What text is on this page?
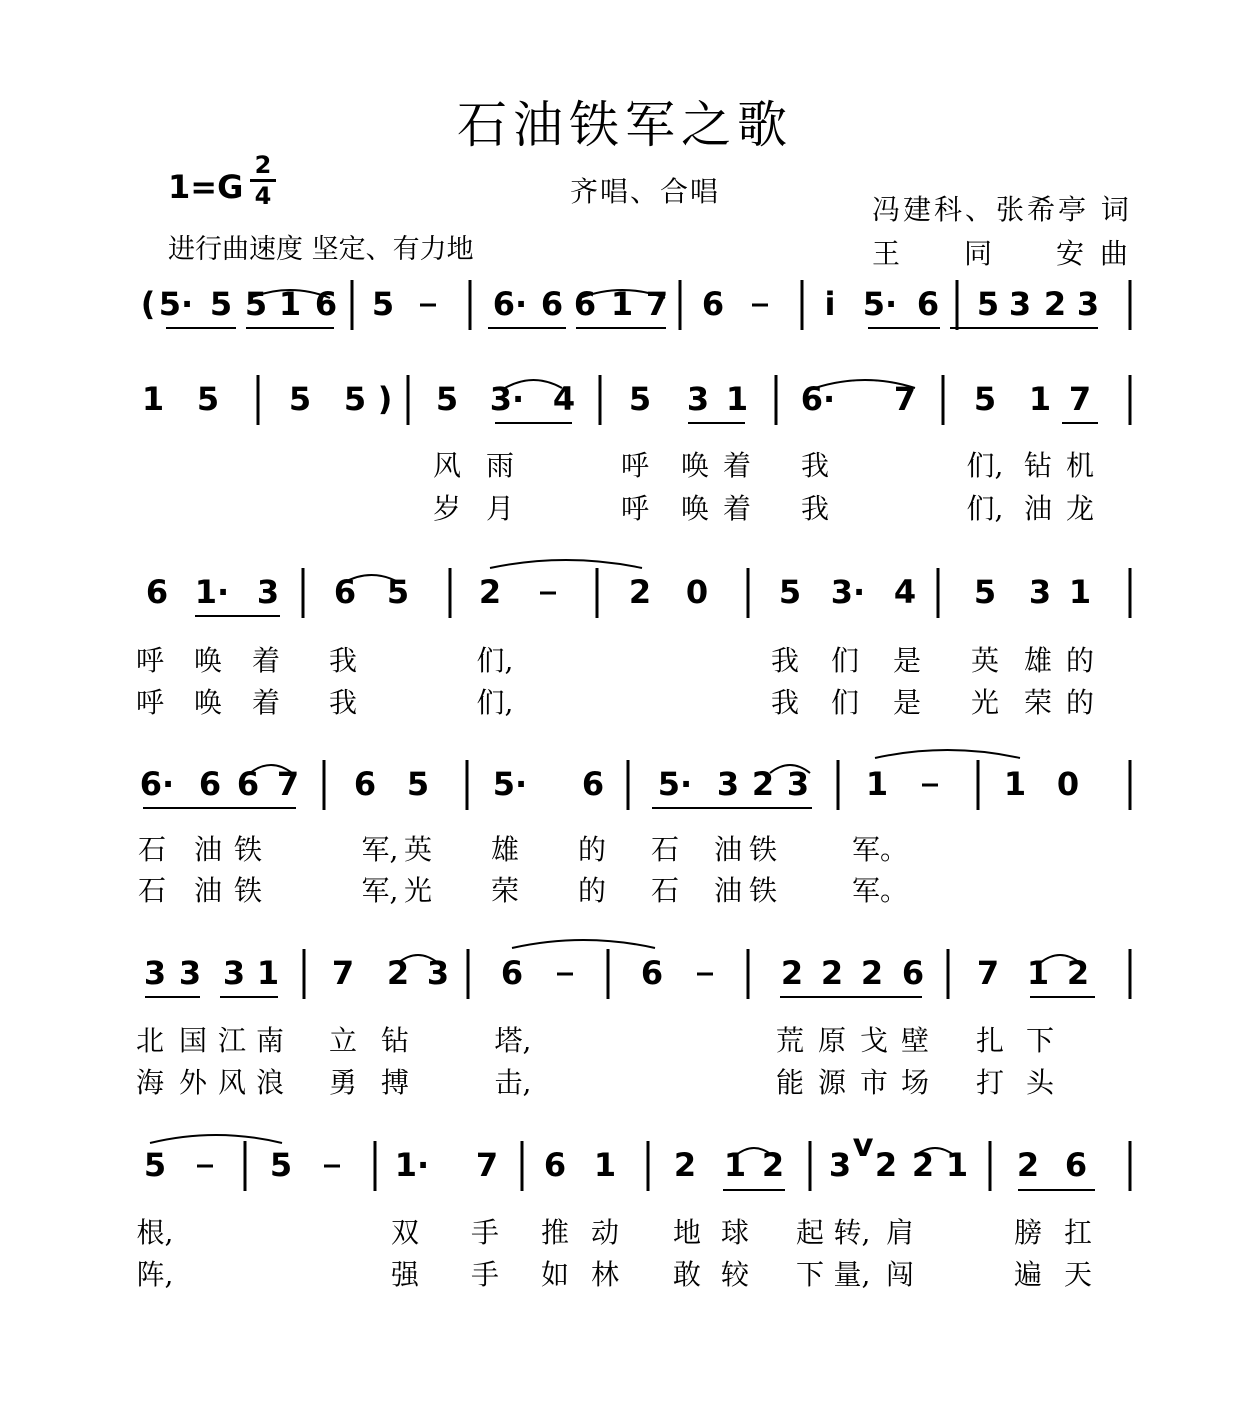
石油铁军之歌
1=G
2
4	齐唱、合唱
冯建科、张希亭 词
王 同 安 曲
进行曲速度 坚定、有力地
( 5· 5 5 1 6 5	6· 6 6 1 7 6	i 5· 6 5 3 2 3
1 5 5 5 ) 5 3· 4 5 3 1 6· 7 5 1 7
风 雨	呼 唤 着 我	们, 钻 机
岁 月	呼 唤 着 我	们, 油 龙
6 1· 3 6 5 2	2 0 5 3· 4 5 3 1
呼 唤 着 我	们,	我 们 是 英 雄 的
呼 唤 着 我	们,	我 们 是 光 荣 的
6· 6 6 7 6 5 5· 6 5· 3 2 3 1	1 0
石 油 铁	军, 英 雄 的 石 油 铁	军。
石 油 铁	军, 光 荣 的 石 油 铁	军。
3 3 3 1 7 2 3 6	6	2 2 2 6 7 1 2
北 国 江 南 立 钻	塔,	荒 原 戈 壁 扎 下
海 外 风 浪 勇 搏	击,	能 源 市 场 打 头
5	5	1· 7 6 1 2 1 2 3
v
2 2 1 2 6
根,	双 手 推 动 地 球	转, 肩	膀 扛
起
阵,	强 手 如 林 敢 较	量, 闯	遍 天
下
